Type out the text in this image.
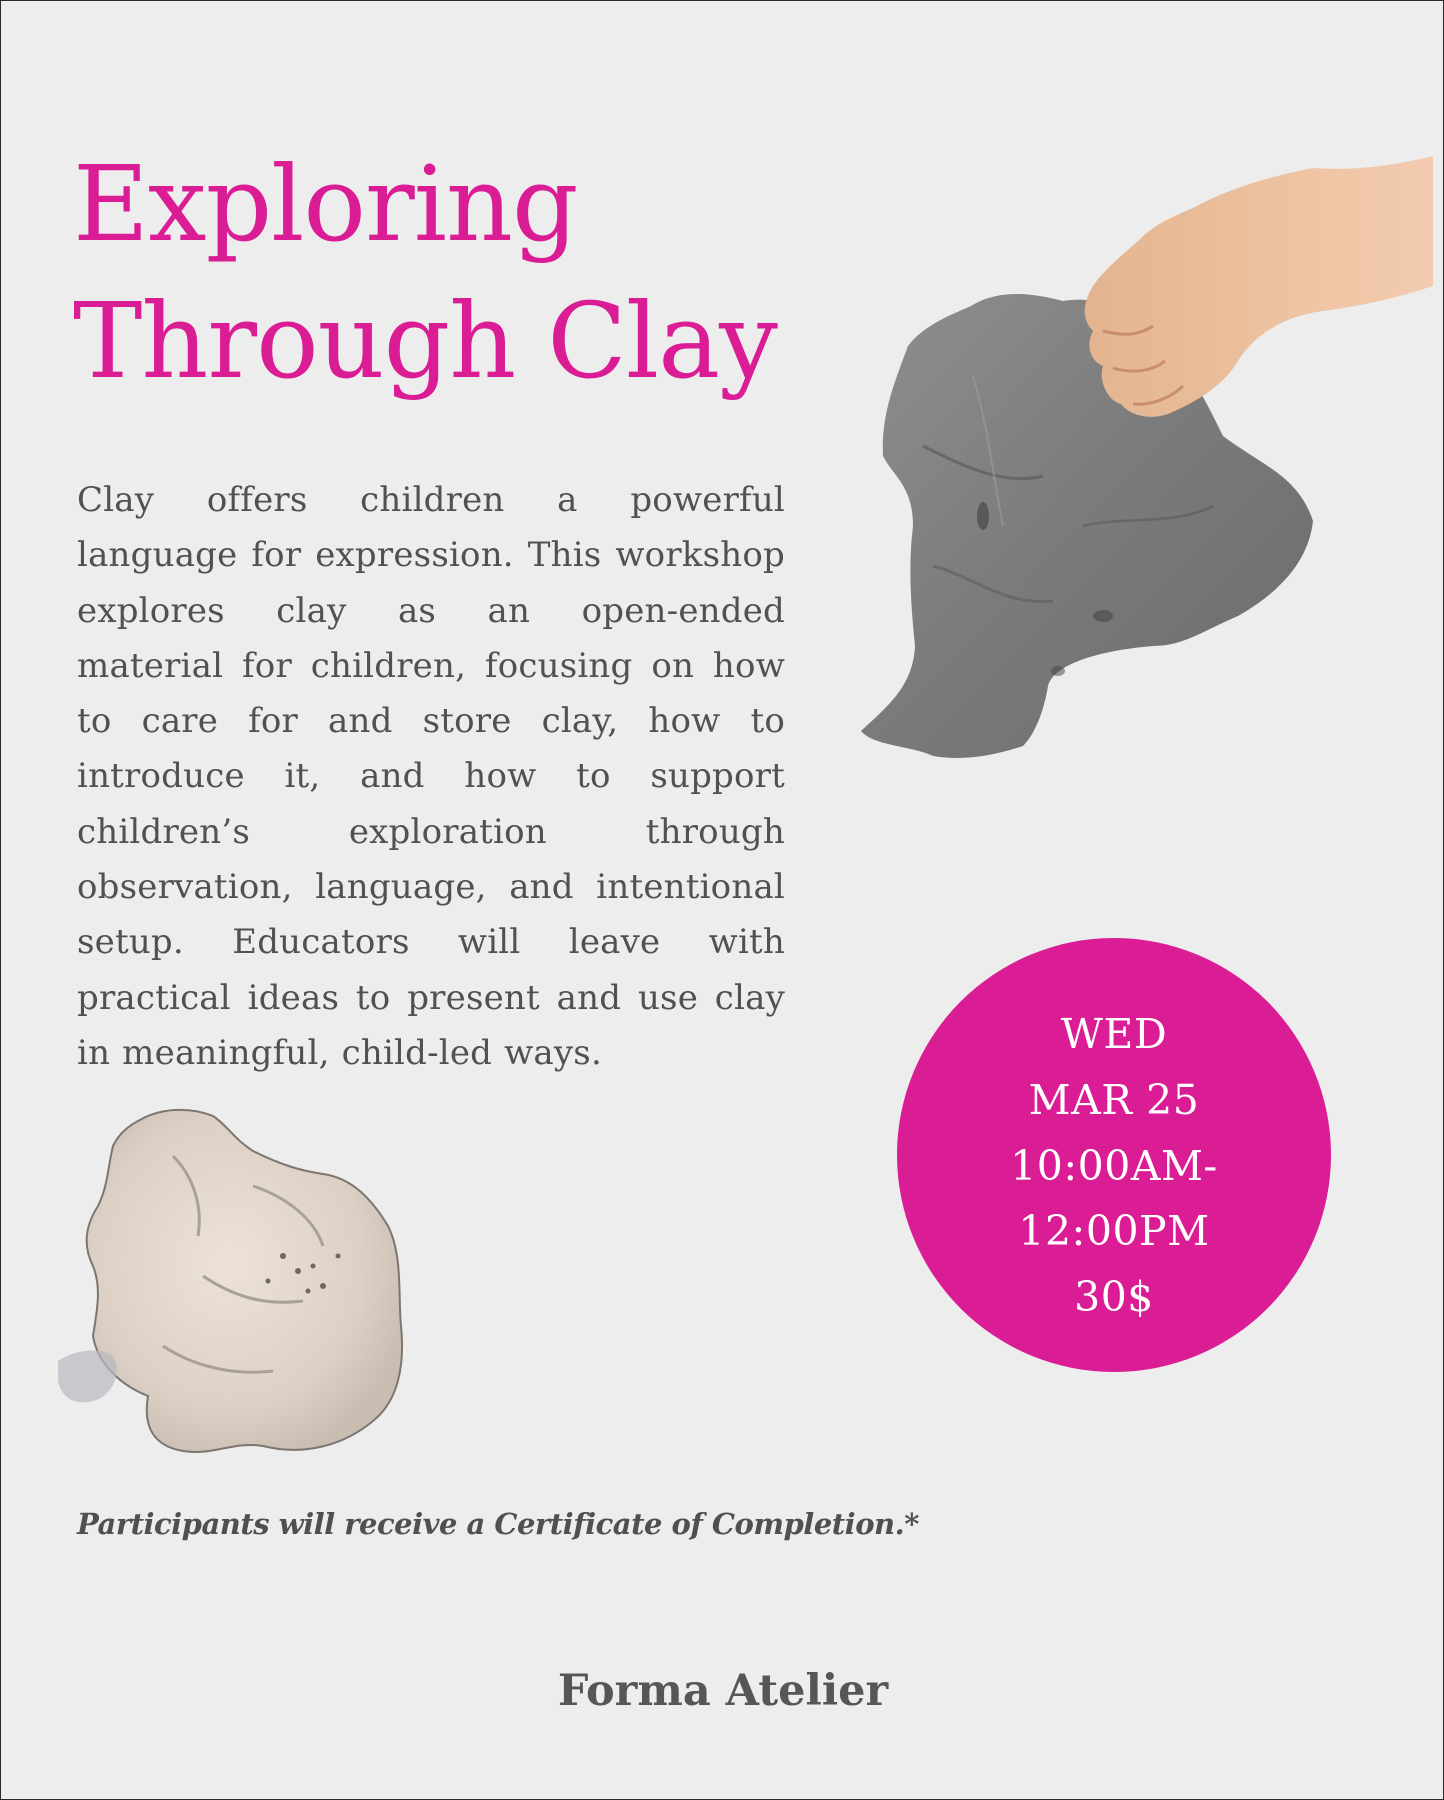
Exploring
Through Clay

Clay offers children a powerful language for expression. This workshop explores clay as an open-ended material for children, focusing on how to care for and store clay, how to introduce it, and how to support children’s exploration through observation, language, and intentional setup. Educators will leave with practical ideas to present and use clay in meaningful, child-led ways.	WED
MAR 25
10:00AM-
12:00PM
30$

Participants will receive a Certificate of Completion.*

Forma Atelier
